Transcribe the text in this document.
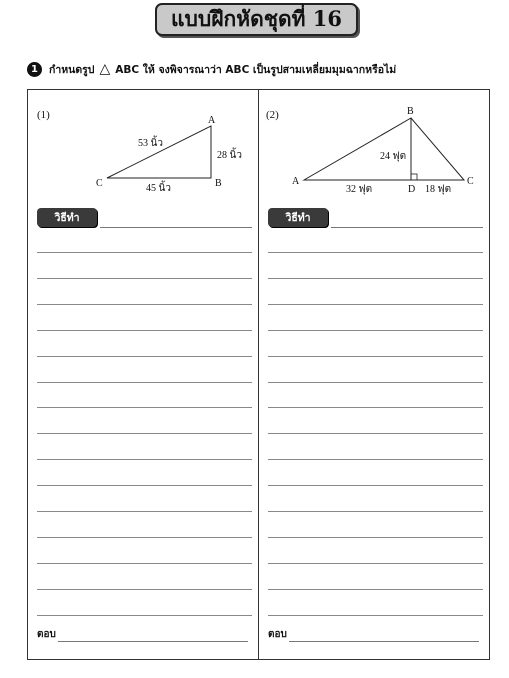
แบบฝึกหัดชุดที่ 16
1	กำหนดรูป △ ABC ให้ จงพิจารณาว่า ABC เป็นรูปสามเหลี่ยมมุมฉากหรือไม่
(1)	A
B
C
53 นิ้ว
28 นิ้ว
45 นิ้ว
วิธีทำ
ตอบ
(2)	B
A	C
D
24 ฟุต
32 ฟุต	18 ฟุต
วิธีทำ
ตอบ
